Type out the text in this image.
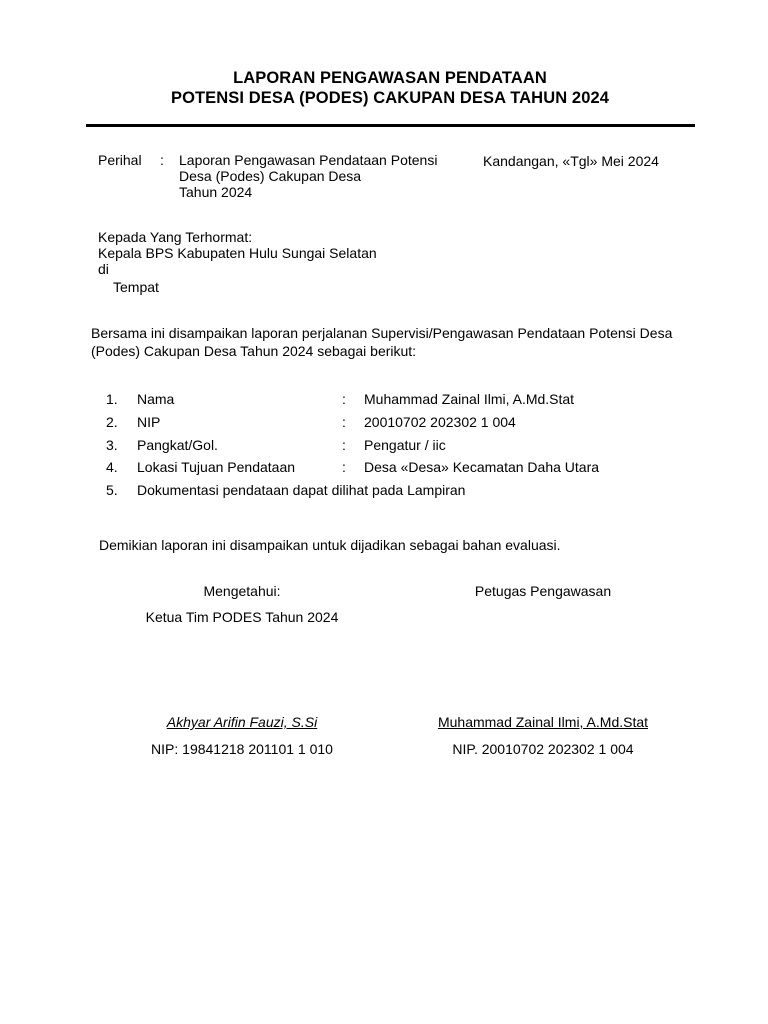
LAPORAN PENGAWASAN PENDATAAN
POTENSI DESA (PODES) CAKUPAN DESA TAHUN 2024
Perihal : Laporan Pengawasan Pendataan Potensi
Desa (Podes) Cakupan Desa
Tahun 2024
Kandangan, «Tgl» Mei 2024
Kepada Yang Terhormat:
Kepala BPS Kabupaten Hulu Sungai Selatan
di
Tempat
Bersama ini disampaikan laporan perjalanan Supervisi/Pengawasan Pendataan Potensi Desa
(Podes) Cakupan Desa Tahun 2024 sebagai berikut:
1. Nama	: Muhammad Zainal Ilmi, A.Md.Stat
2. NIP	: 20010702 202302 1 004
3. Pangkat/Gol.	: Pengatur / iic
4. Lokasi Tujuan Pendataan	: Desa «Desa» Kecamatan Daha Utara
5. Dokumentasi pendataan dapat dilihat pada Lampiran
Demikian laporan ini disampaikan untuk dijadikan sebagai bahan evaluasi.
Mengetahui:
Ketua Tim PODES Tahun 2024
Akhyar Arifin Fauzi, S.Si
NIP: 19841218 201101 1 010
Petugas Pengawasan
Muhammad Zainal Ilmi, A.Md.Stat
NIP. 20010702 202302 1 004
